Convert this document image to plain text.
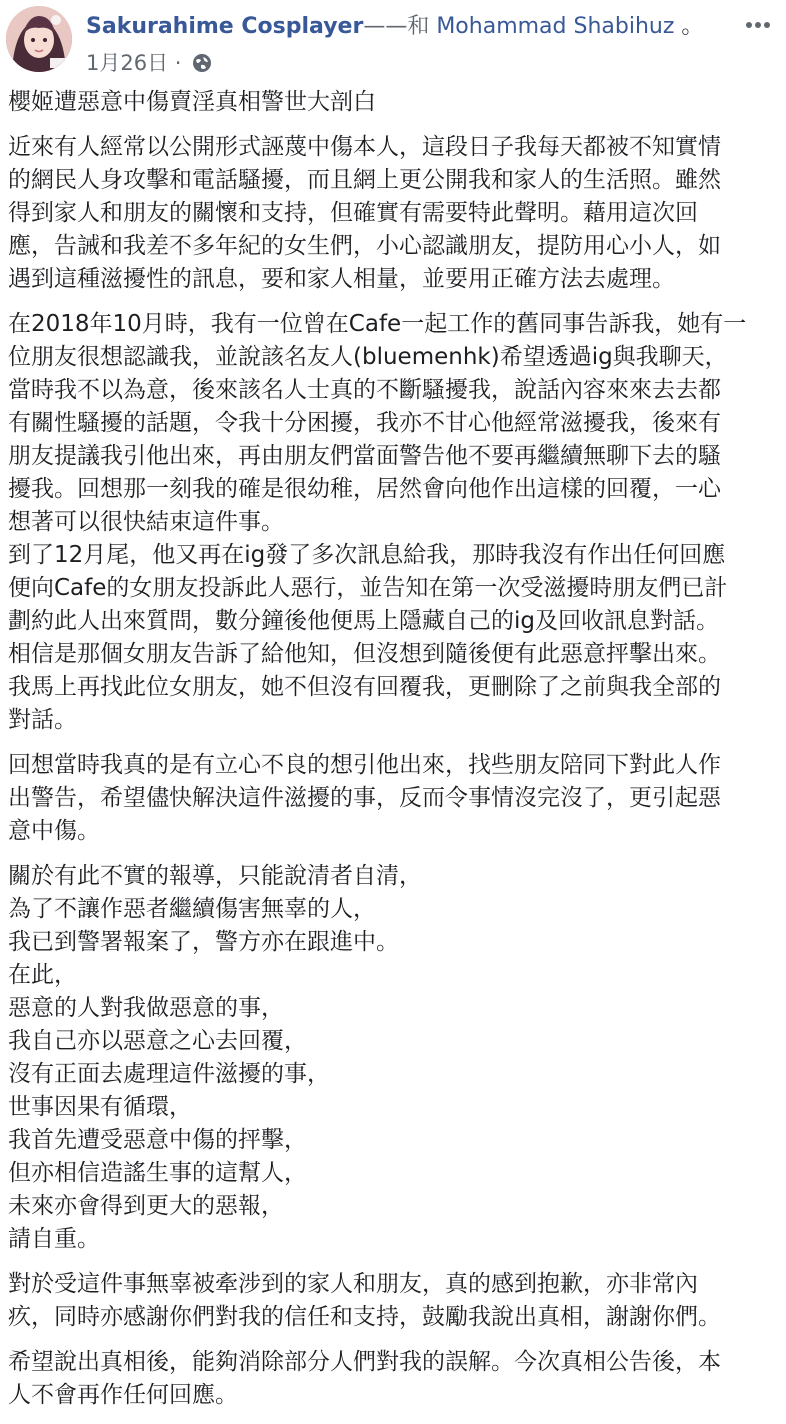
Sakurahime Cosplayer——和 Mohammad Shabihuz 。
1月26日 ·

櫻姬遭惡意中傷賣淫真相警世大剖白

近來有人經常以公開形式誣蔑中傷本人，這段日子我每天都被不知實情
的網民人身攻擊和電話騷擾，而且網上更公開我和家人的生活照。雖然
得到家人和朋友的關懷和支持，但確實有需要特此聲明。藉用這次回
應，告誡和我差不多年紀的女生們，小心認識朋友，提防用心小人，如
遇到這種滋擾性的訊息，要和家人相量，並要用正確方法去處理。

在2018年10月時，我有一位曾在Cafe一起工作的舊同事告訴我，她有一
位朋友很想認識我，並說該名友人(bluemenhk)希望透過ig與我聊天，
當時我不以為意，後來該名人士真的不斷騷擾我，說話內容來來去去都
有關性騷擾的話題，令我十分困擾，我亦不甘心他經常滋擾我，後來有
朋友提議我引他出來，再由朋友們當面警告他不要再繼續無聊下去的騷
擾我。回想那一刻我的確是很幼稚，居然會向他作出這樣的回覆，一心
想著可以很快結束這件事。
到了12月尾，他又再在ig發了多次訊息給我，那時我沒有作出任何回應
便向Cafe的女朋友投訴此人惡行，並告知在第一次受滋擾時朋友們已計
劃約此人出來質問，數分鐘後他便馬上隱藏自己的ig及回收訊息對話。
相信是那個女朋友告訴了給他知，但沒想到隨後便有此惡意抨擊出來。
我馬上再找此位女朋友，她不但沒有回覆我，更刪除了之前與我全部的
對話。

回想當時我真的是有立心不良的想引他出來，找些朋友陪同下對此人作
出警告，希望儘快解決這件滋擾的事，反而令事情沒完沒了，更引起惡
意中傷。

關於有此不實的報導，只能說清者自清，
為了不讓作惡者繼續傷害無辜的人，
我已到警署報案了，警方亦在跟進中。
在此，
惡意的人對我做惡意的事，
我自己亦以惡意之心去回覆，
沒有正面去處理這件滋擾的事，
世事因果有循環，
我首先遭受惡意中傷的抨擊，
但亦相信造謠生事的這幫人，
未來亦會得到更大的惡報，
請自重。

對於受這件事無辜被牽涉到的家人和朋友，真的感到抱歉，亦非常內
疚，同時亦感謝你們對我的信任和支持，鼓勵我說出真相，謝謝你們。

希望說出真相後，能夠消除部分人們對我的誤解。今次真相公告後，本
人不會再作任何回應。
